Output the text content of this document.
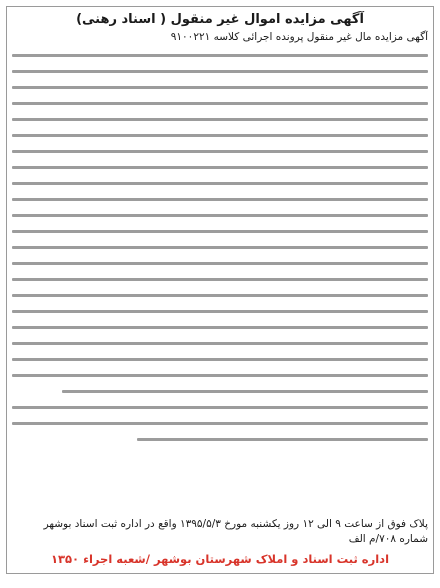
آگهی مزایده اموال غیر منقول ( اسناد رهنی)
آگهی مزایده مال غیر منقول پرونده اجرائی کلاسه ۹۱۰۰۲۲۱
پلاک فوق از ساعت ۹ الی ۱۲ روز یکشنبه مورخ ۱۳۹۵/۵/۳ واقع در اداره ثبت اسناد بوشهر
شماره ۷۰۸/م الف
اداره ثبت اسناد و املاک شهرستان بوشهر /شعبه اجراء ۱۳۵۰
